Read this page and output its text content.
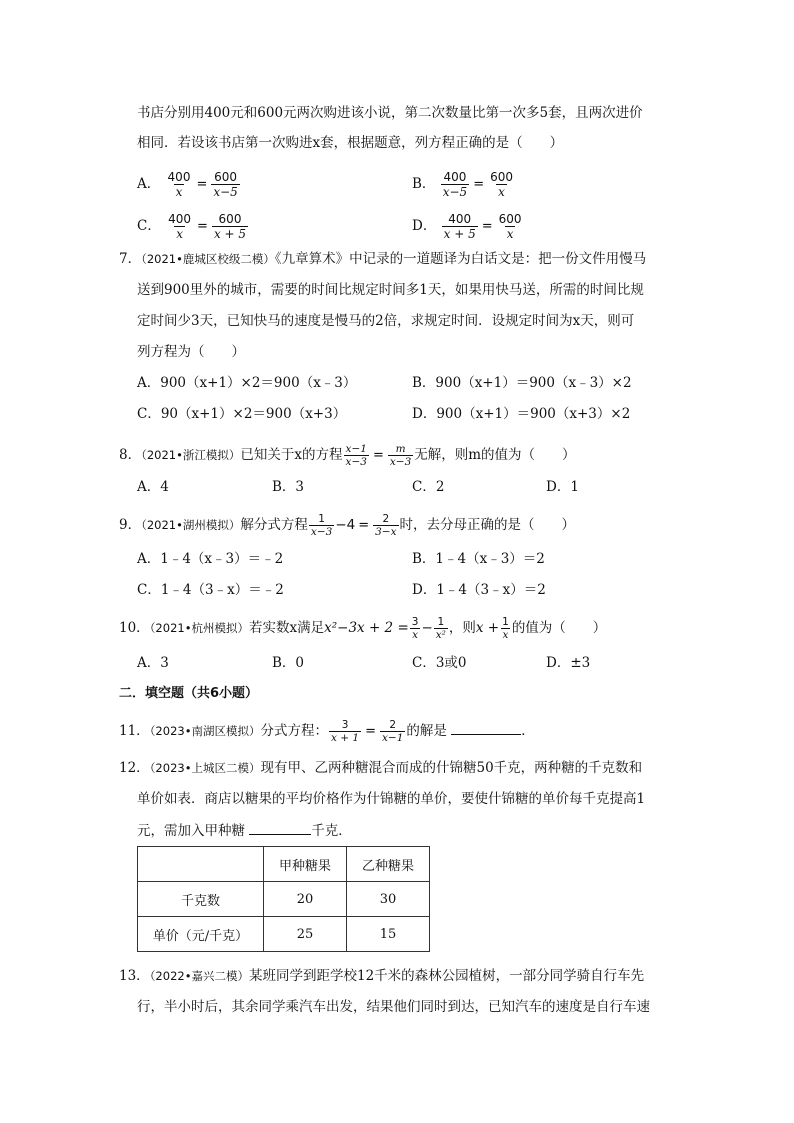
书店分别用400元和600元两次购进该小说，第二次数量比第一次多5套，且两次进价
相同．若设该书店第一次购进x套，根据题意，列方程正确的是（　　）
A． $\frac{400}{x} = \frac{600}{x-5}$	B． $\frac{400}{x-5} = \frac{600}{x}$
C． $\frac{400}{x} = \frac{600}{x + 5}$	D． $\frac{400}{x + 5} = \frac{600}{x}$
7．（2021•鹿城区校级二模）《九章算术》中记录的一道题译为白话文是：把一份文件用慢马
送到900里外的城市，需要的时间比规定时间多1天，如果用快马送，所需的时间比规
定时间少3天，已知快马的速度是慢马的2倍，求规定时间．设规定时间为x天，则可
列方程为（　　）
A．900（x+1）×2＝900（x﹣3）	B．900（x+1）＝900（x﹣3）×2
C．90（x+1）×2＝900（x+3）	D．900（x+1）＝900（x+3）×2
8．（2021•浙江模拟）已知关于x的方程 $\frac{x-1}{x-3} = \frac{m}{x-3}$ 无解，则m的值为（　　）
A．4	B．3	C．2	D．1
9．（2021•湖州模拟）解分式方程 $\frac{1}{x-3} -4 = \frac{2}{3-x}$ 时，去分母正确的是（　　）
A．1﹣4（x﹣3）＝﹣2	B．1﹣4（x﹣3）＝2
C．1﹣4（3﹣x）＝﹣2	D．1﹣4（3﹣x）＝2
10．（2021•杭州模拟）若实数x满足$x^2-3x + 2 = \frac{3}{x} - \frac{1}{\text{x²}}$ ，则$x + \frac{1}{x}$ 的值为（　　）
A．3	B．0	C．3或0	D．±3
二．填空题（共6小题）
11．（2023•南湖区模拟）分式方程： $\frac{3}{x + 1} = \frac{2}{x-1}$ 的解是	．
12．（2023•上城区二模）现有甲、乙两种糖混合而成的什锦糖50千克，两种糖的千克数和
单价如表．商店以糖果的平均价格作为什锦糖的单价，要使什锦糖的单价每千克提高1
元，需加入甲种糖	千克．
	甲种糖果	乙种糖果
千克数	20	30
单价（元/千克）	25	15
13．（2022•嘉兴二模）某班同学到距学校12千米的森林公园植树，一部分同学骑自行车先
行，半小时后，其余同学乘汽车出发，结果他们同时到达，已知汽车的速度是自行车速
